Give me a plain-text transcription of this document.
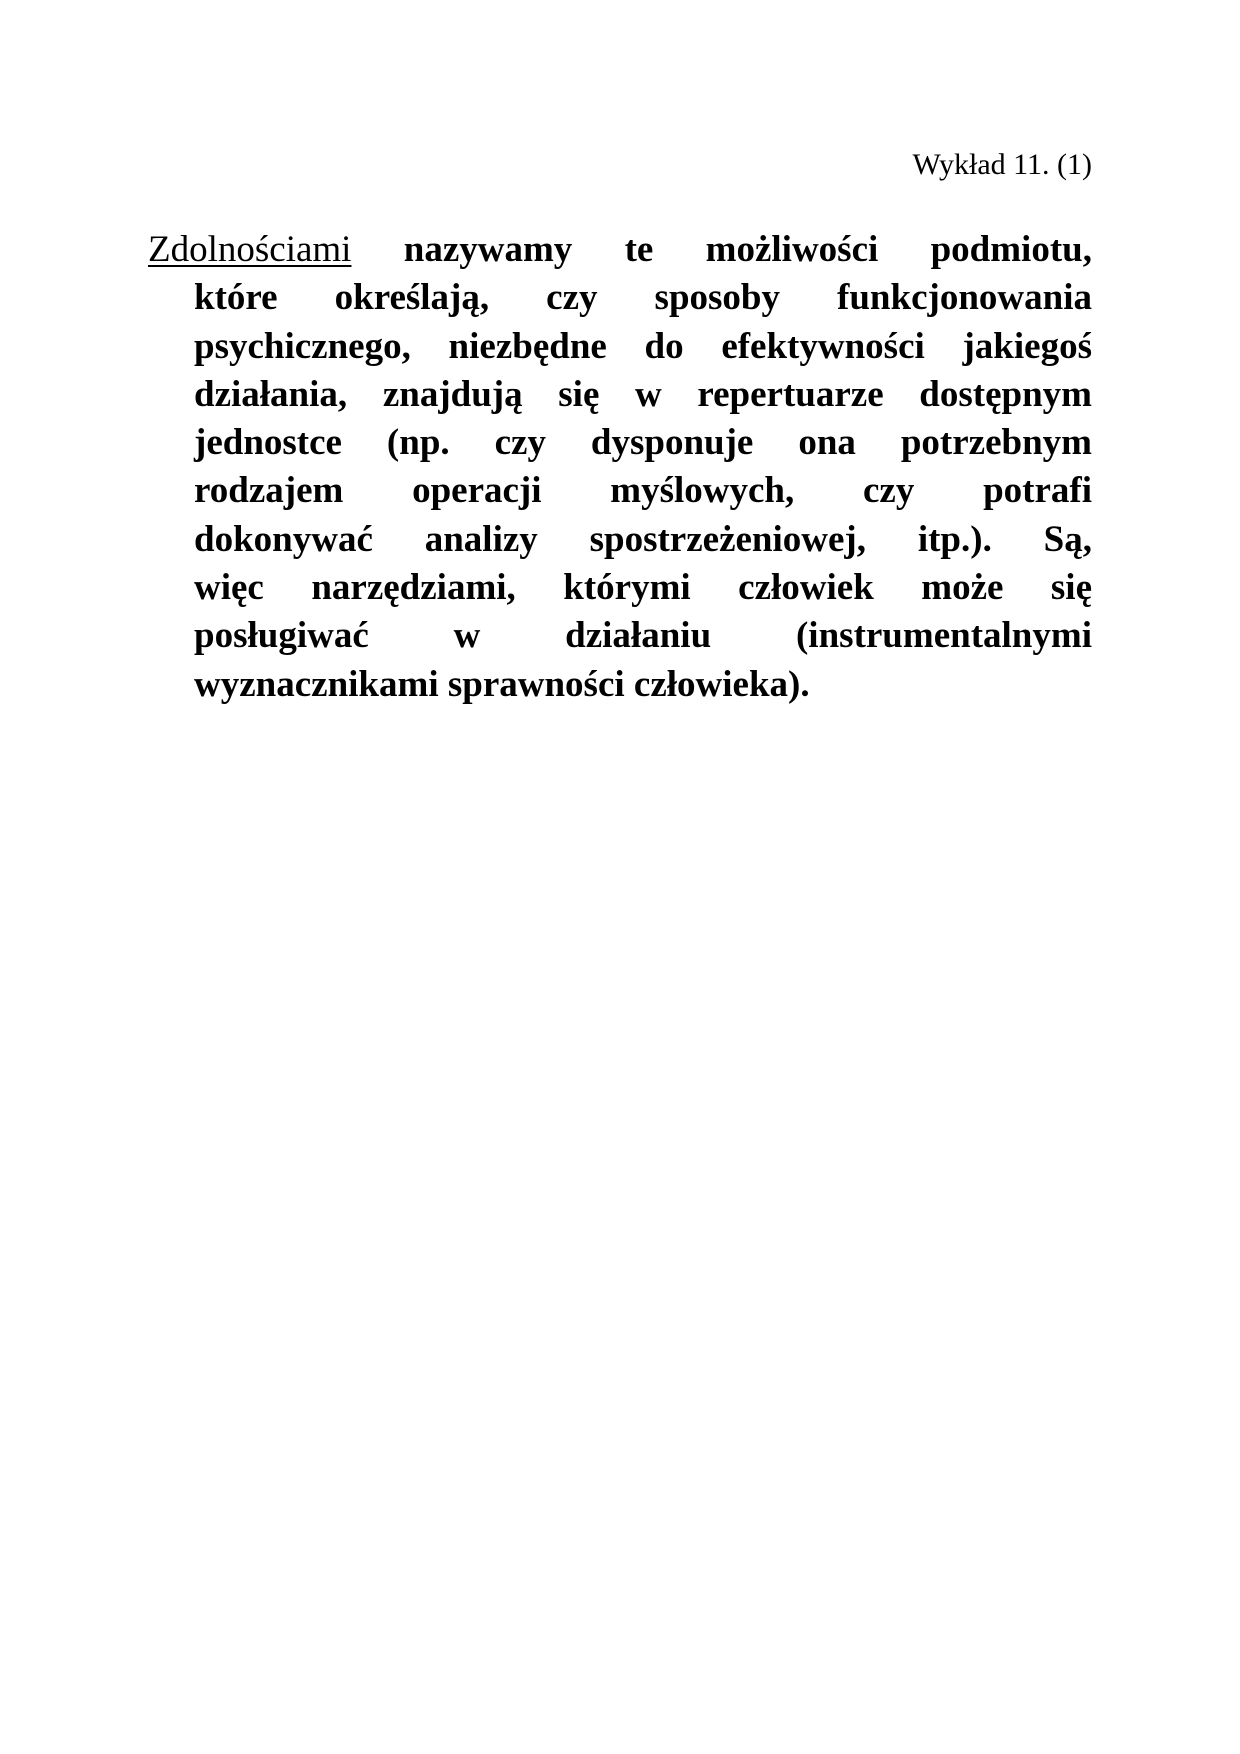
Wykład 11. (1)
Zdolnościami nazywamy te możliwości podmiotu,
które określają, czy sposoby funkcjonowania
psychicznego, niezbędne do efektywności jakiegoś
działania, znajdują się w repertuarze dostępnym
jednostce (np. czy dysponuje ona potrzebnym
rodzajem operacji myślowych, czy potrafi
dokonywać analizy spostrzeżeniowej, itp.). Są,
więc narzędziami, którymi człowiek może się
posługiwać w działaniu (instrumentalnymi
wyznacznikami sprawności człowieka).
